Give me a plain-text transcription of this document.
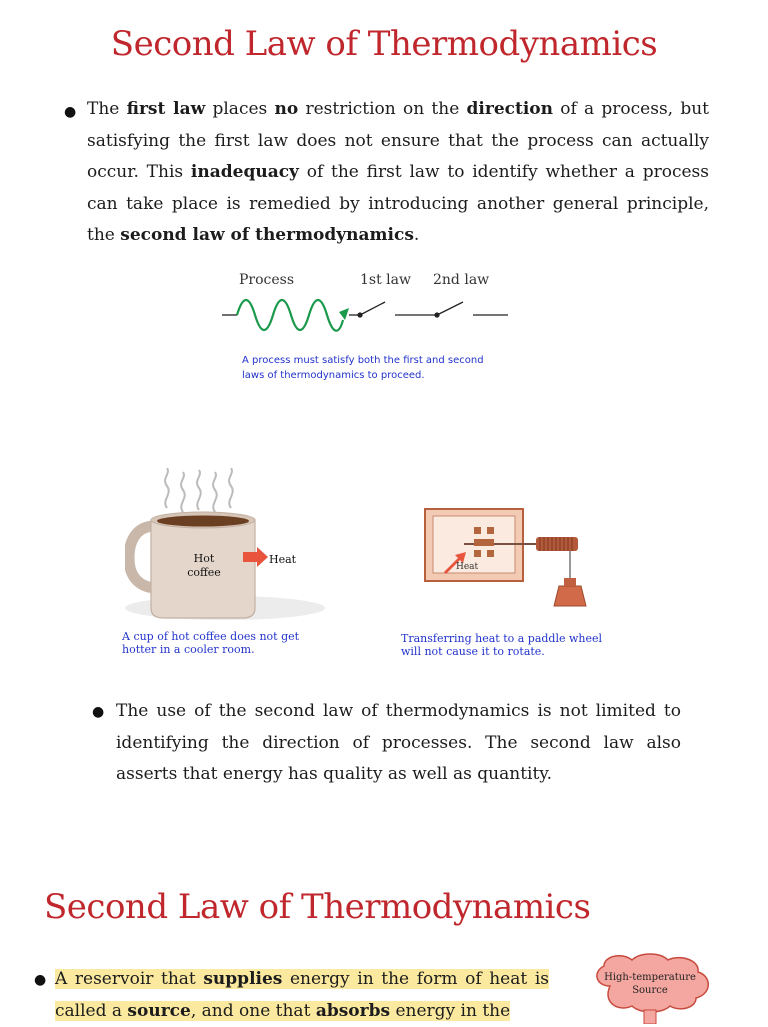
Second Law of Thermodynamics
● The first law places no restriction on the direction of a process, but satisfying the first law does not ensure that the process can actually occur. This inadequacy of the first law to identify whether a process can take place is remedied by introducing another general principle, the second law of thermodynamics.
Process	1st law 2nd law
A process must satisfy both the first and second laws of thermodynamics to proceed.
Hot
coffee
Heat
A cup of hot coffee does not get hotter in a cooler room.
Heat
Transferring heat to a paddle wheel will not cause it to rotate.
● The use of the second law of thermodynamics is not limited to identifying the direction of processes. The second law also asserts that energy has quality as well as quantity.
Second Law of Thermodynamics
● A reservoir that supplies energy in the form of heat is called a source, and one that absorbs energy in the
High-temperature
Source
